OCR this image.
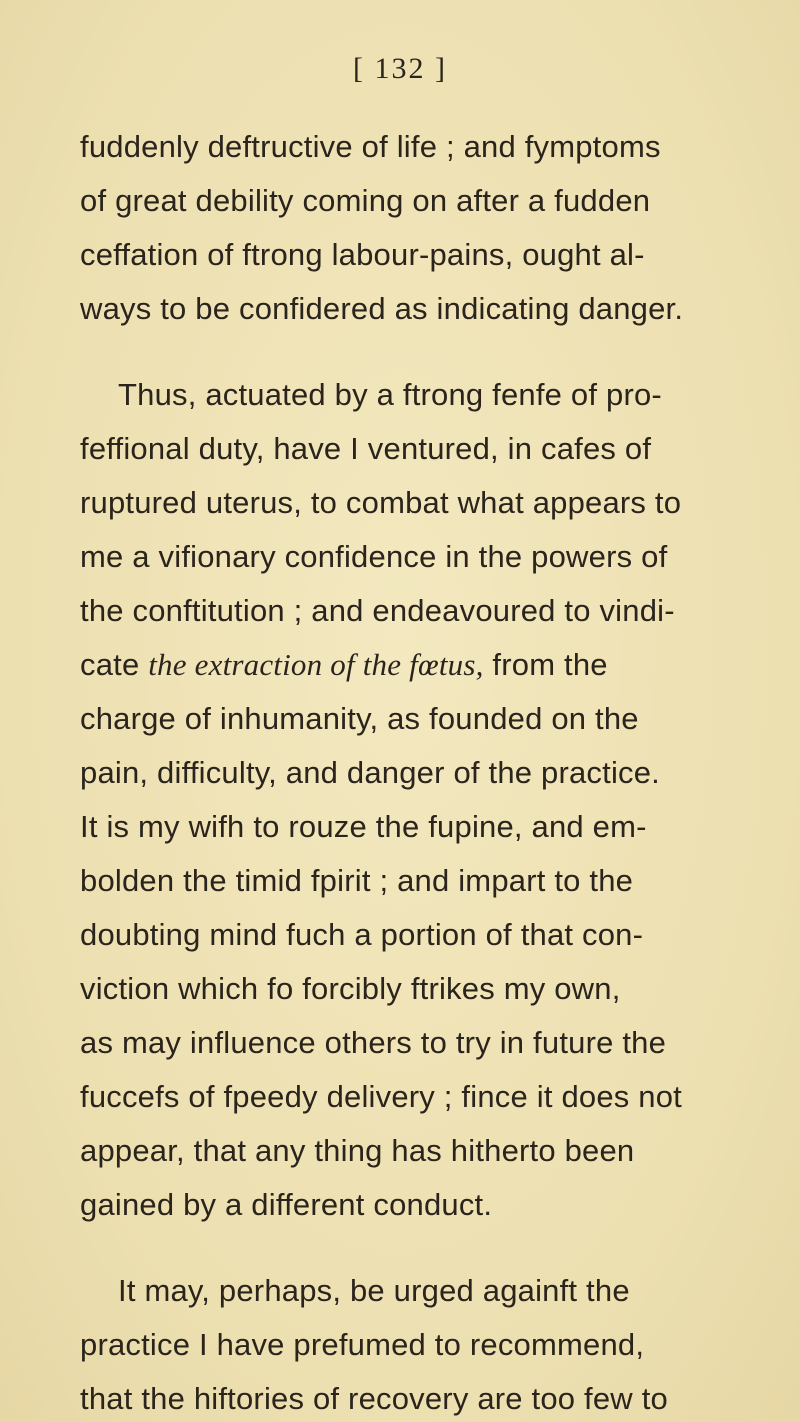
[ 132 ]
fuddenly deftructive of life ; and fymptoms
of great debility coming on after a fudden
ceffation of ftrong labour-pains, ought al-
ways to be confidered as indicating danger.
Thus, actuated by a ftrong fenfe of pro-
feffional duty, have I ventured, in cafes of
ruptured uterus, to combat what appears to
me a vifionary confidence in the powers of
the conftitution ; and endeavoured to vindi-
cate the extraction of the fœtus, from the
charge of inhumanity, as founded on the
pain, difficulty, and danger of the practice.
It is my wifh to rouze the fupine, and em-
bolden the timid fpirit ; and impart to the
doubting mind fuch a portion of that con-
viction which fo forcibly ftrikes my own,
as may influence others to try in future the
fuccefs of fpeedy delivery ; fince it does not
appear, that any thing has hitherto been
gained by a different conduct.
It may, perhaps, be urged againft the
practice I have prefumed to recommend,
that the hiftories of recovery are too few to
